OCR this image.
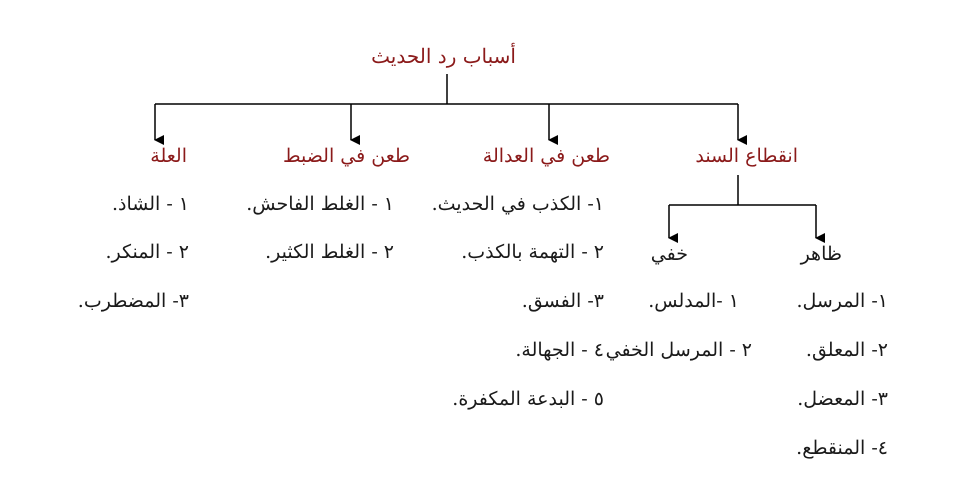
أسباب رد الحديث
انقطاع السند
طعن في العدالة
طعن في الضبط
العلة
ظاهر
خفي
١- المرسل.
٢- المعلق.
٣- المعضل.
٤- المنقطع.
١ -المدلس.
٢ - المرسل الخفي
١- الكذب في الحديث.
٢ - التهمة بالكذب.
٣- الفسق.
٤ - الجهالة.
٥ - البدعة المكفرة.
١ - الغلط الفاحش.
٢ - الغلط الكثير.
١ - الشاذ.
٢ - المنكر.
٣- المضطرب.
